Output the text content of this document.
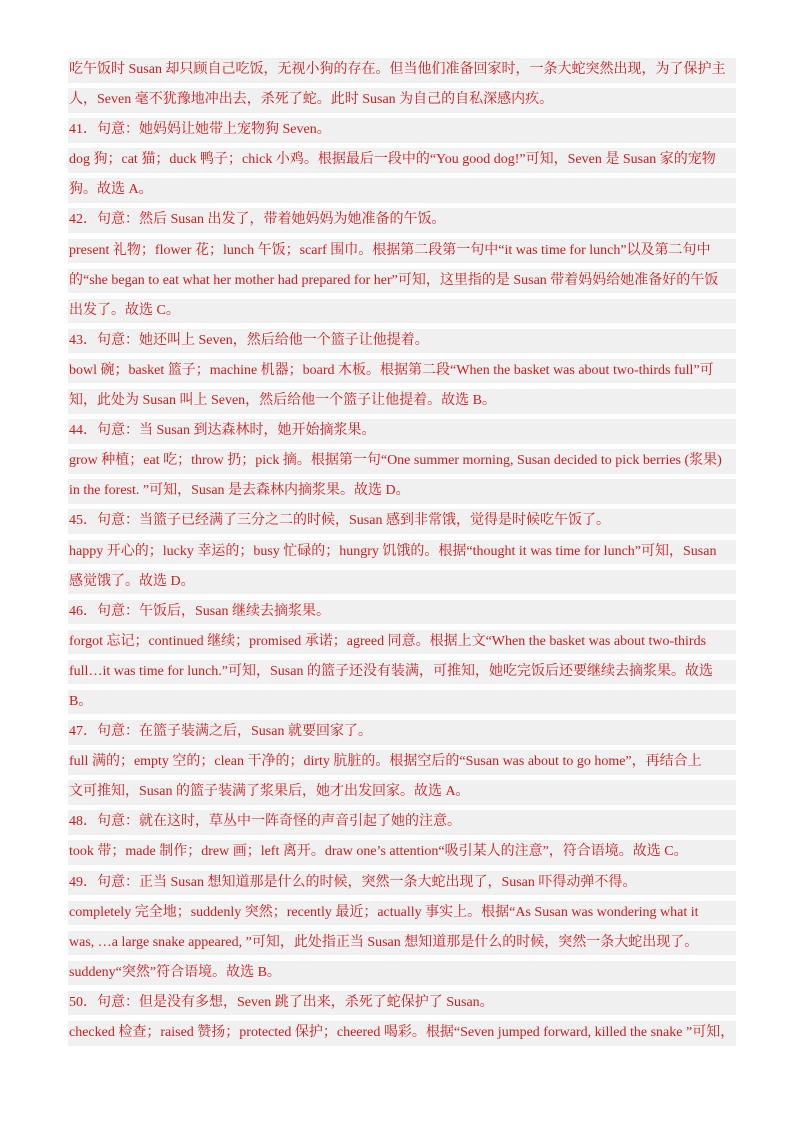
吃午饭时 Susan 却只顾自己吃饭，无视小狗的存在。但当他们准备回家时，一条大蛇突然出现，为了保护主
人，Seven 毫不犹豫地冲出去，杀死了蛇。此时 Susan 为自己的自私深感内疚。
41．句意：她妈妈让她带上宠物狗 Seven。
dog 狗；cat 猫；duck 鸭子；chick 小鸡。根据最后一段中的“You good dog!”可知，Seven 是 Susan 家的宠物
狗。故选 A。
42．句意：然后 Susan 出发了，带着她妈妈为她准备的午饭。
present 礼物；flower 花；lunch 午饭；scarf 围巾。根据第二段第一句中“it was time for lunch”以及第二句中
的“she began to eat what her mother had prepared for her”可知，这里指的是 Susan 带着妈妈给她准备好的午饭
出发了。故选 C。
43．句意：她还叫上 Seven，然后给他一个篮子让他提着。
bowl 碗；basket 篮子；machine 机器；board 木板。根据第二段“When the basket was about two-thirds full”可
知，此处为 Susan 叫上 Seven，然后给他一个篮子让他提着。故选 B。
44．句意：当 Susan 到达森林时，她开始摘浆果。
grow 种植；eat 吃；throw 扔；pick 摘。根据第一句“One summer morning, Susan decided to pick berries (浆果)
in the forest. ”可知，Susan 是去森林内摘浆果。故选 D。
45．句意：当篮子已经满了三分之二的时候，Susan 感到非常饿，觉得是时候吃午饭了。
happy 开心的；lucky 幸运的；busy 忙碌的；hungry 饥饿的。根据“thought it was time for lunch”可知，Susan
感觉饿了。故选 D。
46．句意：午饭后，Susan 继续去摘浆果。
forgot 忘记；continued 继续；promised 承诺；agreed 同意。根据上文“When the basket was about two-thirds
full…it was time for lunch.”可知，Susan 的篮子还没有装满，可推知，她吃完饭后还要继续去摘浆果。故选
B。
47．句意：在篮子装满之后，Susan 就要回家了。
full 满的；empty 空的；clean 干净的；dirty 肮脏的。根据空后的“Susan was about to go home”，再结合上
文可推知，Susan 的篮子装满了浆果后，她才出发回家。故选 A。
48．句意：就在这时，草丛中一阵奇怪的声音引起了她的注意。
took 带；made 制作；drew 画；left 离开。draw one’s attention“吸引某人的注意”，符合语境。故选 C。
49．句意：正当 Susan 想知道那是什么的时候，突然一条大蛇出现了，Susan 吓得动弹不得。
completely 完全地；suddenly 突然；recently 最近；actually 事实上。根据“As Susan was wondering what it
was, …a large snake appeared, ”可知，此处指正当 Susan 想知道那是什么的时候，突然一条大蛇出现了。
suddeny“突然”符合语境。故选 B。
50．句意：但是没有多想，Seven 跳了出来，杀死了蛇保护了 Susan。
checked 检查；raised 赞扬；protected 保护；cheered 喝彩。根据“Seven jumped forward, killed the snake ”可知，
